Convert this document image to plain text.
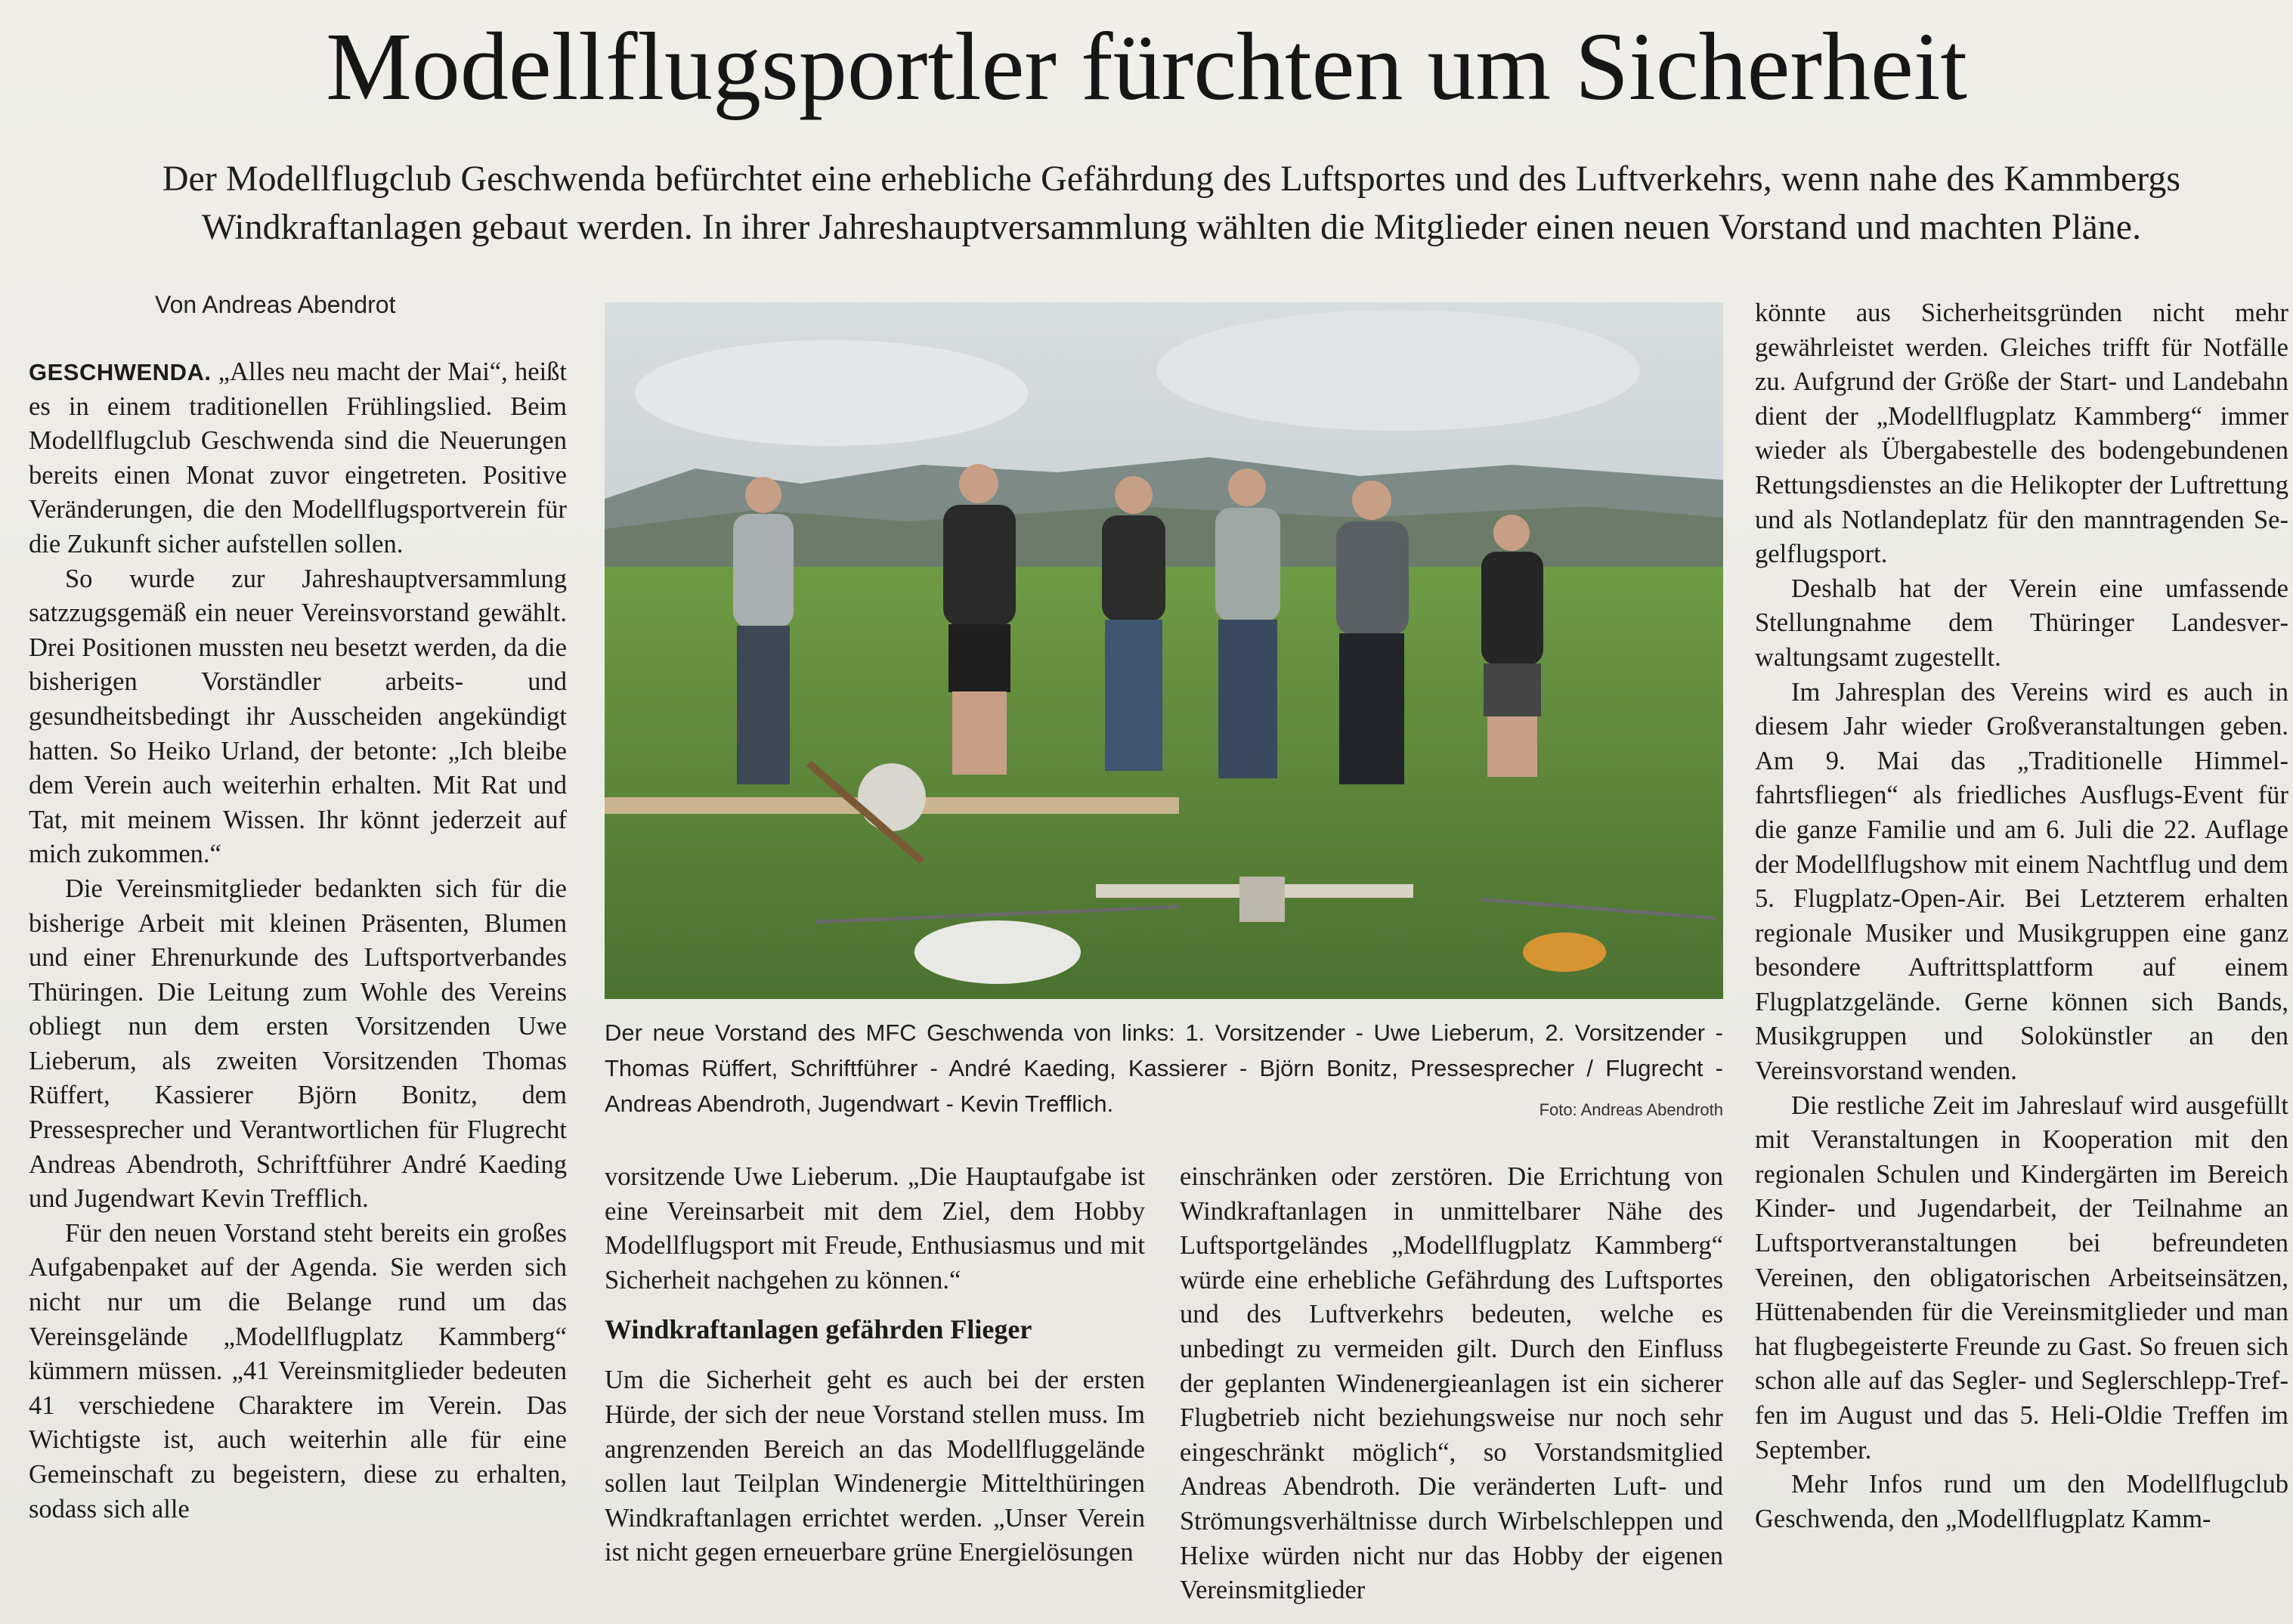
Modellflugsportler fürchten um Sicherheit
Der Modellflugclub Geschwenda befürchtet eine erhebliche Gefährdung des Luftsportes und des Luftverkehrs, wenn nahe des Kammbergs Windkraftanlagen gebaut werden. In ihrer Jahreshauptversammlung wählten die Mitglieder einen neuen Vorstand und machten Pläne.
Von Andreas Abendrot

GESCHWENDA. „Alles neu macht der Mai“, heißt es in einem traditionellen Frühlingslied. Beim Modellflugclub Geschwenda sind die Neuerungen bereits einen Monat zuvor eingetreten. Positive Veränderungen, die den Modellflugsportverein für die Zukunft sicher aufstellen sollen.

So wurde zur Jahreshauptversammlung satzzugsgemäß ein neuer Vereinsvorstand gewählt. Drei Positionen mussten neu besetzt werden, da die bisherigen Vorständler arbeits- und gesundheitsbedingt ihr Ausscheiden angekündigt hatten. So Heiko Urland, der betonte: „Ich bleibe dem Verein auch weiterhin erhalten. Mit Rat und Tat, mit meinem Wissen. Ihr könnt jederzeit auf mich zukommen.“

Die Vereinsmitglieder bedankten sich für die bisherige Arbeit mit kleinen Präsenten, Blumen und einer Ehrenurkunde des Luftsportverbandes Thüringen. Die Leitung zum Wohle des Vereins obliegt nun dem ersten Vorsitzenden Uwe Lieberum, als zweiten Vorsitzenden Thomas Rüffert, Kassierer Björn Bonitz, dem Pressesprecher und Verantwortlichen für Flugrecht Andreas Abendroth, Schriftführer André Kaeding und Jugendwart Kevin Trefflich.

Für den neuen Vorstand steht bereits ein großes Aufgabenpaket auf der Agenda. Sie werden sich nicht nur um die Belange rund um das Vereinsgelände „Modellflugplatz Kammberg“ kümmern müssen. „41 Vereinsmitglieder bedeuten 41 verschiedene Charaktere im Verein. Das Wichtigste ist, auch weiterhin alle für eine Gemeinschaft zu begeistern, diese zu erhalten, sodass sich alle

Der neue Vorstand des MFC Geschwenda von links: 1. Vorsitzender - Uwe Lieberum, 2. Vorsitzender - Thomas Rüffert, Schriftführer - André Kaeding, Kassierer - Björn Bonitz, Pressesprecher / Flugrecht - Andreas Abendroth, Jugendwart - Kevin Trefflich.	Foto: Andreas Abendroth

vorsitzende Uwe Lieberum. „Die Hauptaufgabe ist eine Vereinsarbeit mit dem Ziel, dem Hobby Modellflugsport mit Freude, Enthusiasmus und mit Sicherheit nachgehen zu können.“

Windkraftanlagen gefährden Flieger

Um die Sicherheit geht es auch bei der ersten Hürde, der sich der neue Vorstand stellen muss. Im angrenzenden Bereich an das Modellfluggelände sollen laut Teilplan Windenergie Mittelthüringen Windkraftanlagen errichtet werden. „Unser Verein ist nicht gegen erneuerbare grüne Energielösungen

einschränken oder zerstören. Die Errichtung von Windkraftanlagen in unmittelbarer Nähe des Luftsportgeländes „Modellflugplatz Kammberg“ würde eine erhebliche Gefährdung des Luftsportes und des Luftverkehrs bedeuten, welche es unbedingt zu vermeiden gilt. Durch den Einfluss der geplanten Windenergieanlagen ist ein sicherer Flugbetrieb nicht beziehungsweise nur noch sehr eingeschränkt möglich“, so Vorstandsmitglied Andreas Abendroth. Die veränderten Luft- und Strömungsverhältnisse durch Wirbelschleppen und Helixe würden nicht nur das Hobby der eigenen Vereinsmitglieder

könnte aus Sicherheitsgründen nicht mehr gewährleistet werden. Gleiches trifft für Notfälle zu. Aufgrund der Größe der Start- und Landebahn dient der „Modellflugplatz Kammberg“ immer wieder als Übergabestelle des bodengebundenen Rettungsdienstes an die Helikopter der Luftrettung und als Notlandeplatz für den manntragenden Segelflugsport.

Deshalb hat der Verein eine umfassende Stellungnahme dem Thüringer Landesverwaltungsamt zugestellt.

Im Jahresplan des Vereins wird es auch in diesem Jahr wieder Großveranstaltungen geben. Am 9. Mai das „Traditionelle Himmelfahrtsfliegen“ als friedliches Ausflugs-Event für die ganze Familie und am 6. Juli die 22. Auflage der Modellflugshow mit einem Nachtflug und dem 5. Flugplatz-Open-Air. Bei Letzterem erhalten regionale Musiker und Musikgruppen eine ganz besondere Auftrittsplattform auf einem Flugplatzgelände. Gerne können sich Bands, Musikgruppen und Solokünstler an den Vereinsvorstand wenden.

Die restliche Zeit im Jahreslauf wird ausgefüllt mit Veranstaltungen in Kooperation mit den regionalen Schulen und Kindergärten im Bereich Kinder- und Jugendarbeit, der Teilnahme an Luftsportveranstaltungen bei befreundeten Vereinen, den obligatorischen Arbeitseinsätzen, Hüttenabenden für die Vereinsmitglieder und man hat flugbegeisterte Freunde zu Gast. So freuen sich schon alle auf das Segler- und Seglerschlepp-Treffen im August und das 5. Heli-Oldie Treffen im September.

Mehr Infos rund um den Modellflugclub Geschwenda, den „Modellflugplatz Kamm-
